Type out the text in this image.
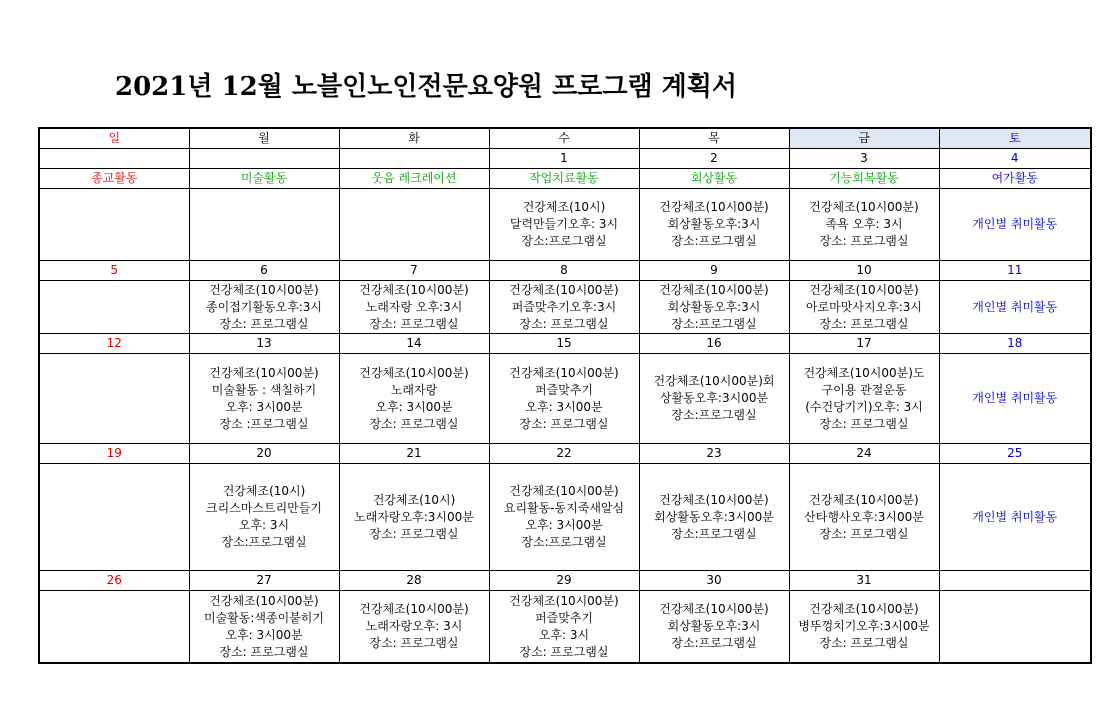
2021년 12월 노블인노인전문요양원 프로그램 계획서
일	월	화	수	목	금	토
			1	2	3	4
종교활동	미술활동	웃음 레크레이션	작업치료활동	회상활동	기능회복활동	여가활동

			건강체조(10시)
달력만들기오후: 3시
장소:프로그램실	건강체조(10시00분)
회상활동오후:3시
장소:프로그램실	건강체조(10시00분)
족욕 오후: 3시
장소: 프로그램실	개인별 취미활동

5	6	7	8	9	10	11

	건강체조(10시00분)
종이접기활동오후:3시
장소: 프로그램실	건강체조(10시00분)
노래자랑 오후:3시
장소: 프로그램실	건강체조(10시00분)
퍼즐맞추기오후:3시
장소: 프로그램실	건강체조(10시00분)
회상활동오후:3시
장소:프로그램실	건강체조(10시00분)
아로마맛사지오후:3시
장소: 프로그램실	개인별 취미활동

12	13	14	15	16	17	18

	건강체조(10시00분)
미술활동 : 색칠하기
오후: 3시00분
장소 :프로그램실	건강체조(10시00분)
노래자랑
오후: 3시00분
장소: 프로그램실	건강체조(10시00분)
퍼즐맞추기
오후: 3시00분
장소: 프로그램실	건강체조(10시00분)회
상활동오후:3시00분
장소:프로그램실	건강체조(10시00분)도
구이용 관절운동
(수건당기기)오후: 3시
장소: 프로그램실	개인별 취미활동

19	20	21	22	23	24	25

	건강체조(10시)
크리스마스트리만들기
오후: 3시
장소:프로그램실	건강체조(10시)
노래자랑오후:3시00분
장소: 프로그램실	건강체조(10시00분)
요리활동-동지죽새알심
오후: 3시00분
장소:프로그램실	건강체조(10시00분)
회상활동오후:3시00분
장소:프로그램실	건강체조(10시00분)
산타행사오후:3시00분
장소: 프로그램실	개인별 취미활동

26	27	28	29	30	31	

	건강체조(10시00분)
미술활동:색종이붙히기
오후: 3시00분
장소: 프로그램실	건강체조(10시00분)
노래자랑오후: 3시
장소: 프로그램실	건강체조(10시00분)
퍼즐맞추기
오후: 3시
장소: 프로그램실	건강체조(10시00분)
회상활동오후:3시
장소:프로그램실	건강체조(10시00분)
병뚜껑치기오후:3시00분
장소: 프로그램실	
